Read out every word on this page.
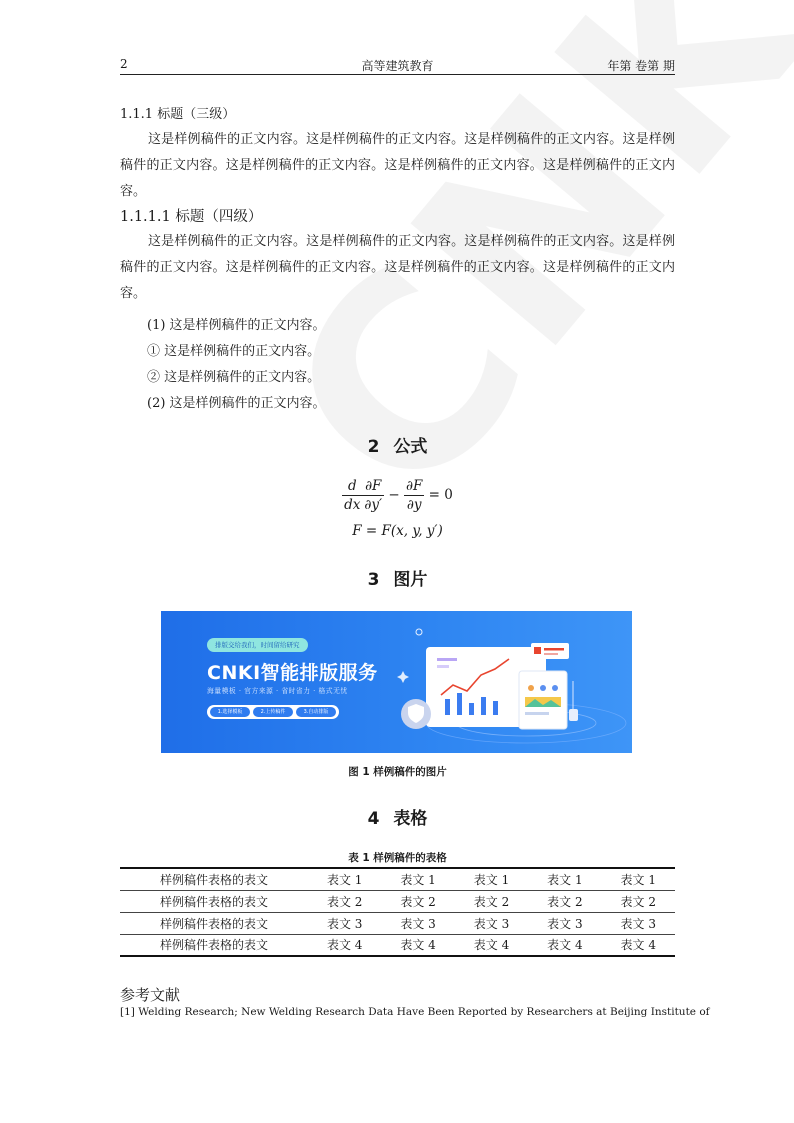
2	高等建筑教育	年第 卷第 期
1.1.1 标题（三级）
这是样例稿件的正文内容。这是样例稿件的正文内容。这是样例稿件的正文内容。这是样例稿件的正文内容。这是样例稿件的正文内容。这是样例稿件的正文内容。这是样例稿件的正文内容。
1.1.1.1 标题（四级）
这是样例稿件的正文内容。这是样例稿件的正文内容。这是样例稿件的正文内容。这是样例稿件的正文内容。这是样例稿件的正文内容。这是样例稿件的正文内容。这是样例稿件的正文内容。
(1) 这是样例稿件的正文内容。
① 这是样例稿件的正文内容。
② 这是样例稿件的正文内容。
(2) 这是样例稿件的正文内容。
2 公式
$\frac{d}{dx} \frac{\partial F}{\partial y'} - \frac{\partial F}{\partial y} = 0$
F = F(x, y, y′)
3 图片
排版交给我们，时间留给研究
CNKI智能排版服务
海量模板 · 官方来源 · 省时省力 · 格式无忧
1.选择模板	2.上传稿件	3.自动排版
图 1 样例稿件的图片
4 表格
表 1 样例稿件的表格
样例稿件表格的表文	表文 1	表文 1	表文 1	表文 1	表文 1
样例稿件表格的表文	表文 2	表文 2	表文 2	表文 2	表文 2
样例稿件表格的表文	表文 3	表文 3	表文 3	表文 3	表文 3
样例稿件表格的表文	表文 4	表文 4	表文 4	表文 4	表文 4
参考文献
[1] Welding Research; New Welding Research Data Have Been Reported by Researchers at Beijing Institute of
